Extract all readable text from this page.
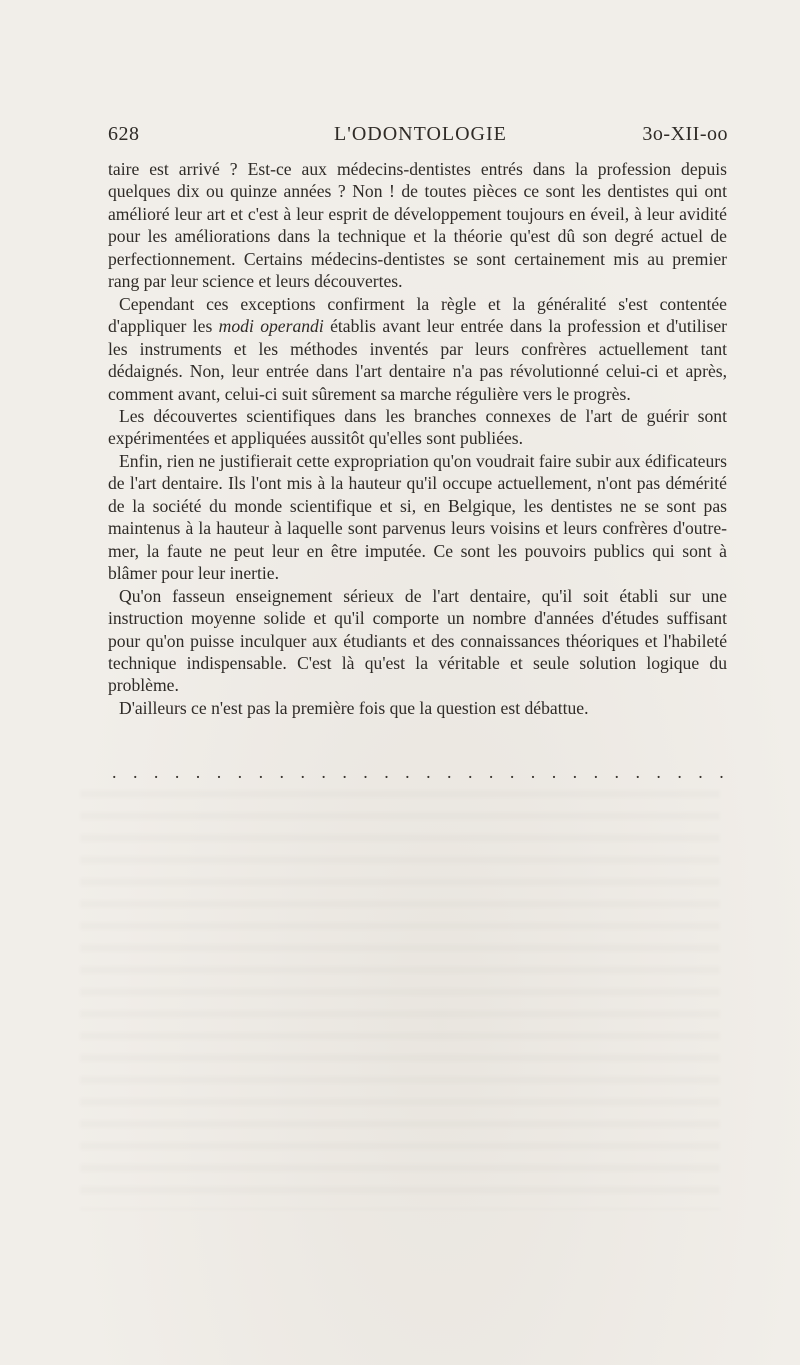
628	L'ODONTOLOGIE	3o-XII-oo

taire est arrivé ? Est-ce aux médecins-dentistes entrés dans la profession depuis quelques dix ou quinze années ? Non ! de toutes pièces ce sont les dentistes qui ont amélioré leur art et c'est à leur esprit de développement toujours en éveil, à leur avidité pour les améliorations dans la technique et la théorie qu'est dû son degré actuel de perfectionnement. Certains médecins-dentistes se sont certainement mis au premier rang par leur science et leurs découvertes.

Cependant ces exceptions confirment la règle et la généralité s'est contentée d'appliquer les modi operandi établis avant leur entrée dans la profession et d'utiliser les instruments et les méthodes inventés par leurs confrères actuellement tant dédaignés. Non, leur entrée dans l'art dentaire n'a pas révolutionné celui-ci et après, comment avant, celui-ci suit sûrement sa marche régulière vers le progrès.

Les découvertes scientifiques dans les branches connexes de l'art de guérir sont expérimentées et appliquées aussitôt qu'elles sont publiées.

Enfin, rien ne justifierait cette expropriation qu'on voudrait faire subir aux édificateurs de l'art dentaire. Ils l'ont mis à la hauteur qu'il occupe actuellement, n'ont pas démérité de la société du monde scientifique et si, en Belgique, les dentistes ne se sont pas maintenus à la hauteur à laquelle sont parvenus leurs voisins et leurs confrères d'outre-mer, la faute ne peut leur en être imputée. Ce sont les pouvoirs publics qui sont à blâmer pour leur inertie.

Qu'on fasseun enseignement sérieux de l'art dentaire, qu'il soit établi sur une instruction moyenne solide et qu'il comporte un nombre d'années d'études suffisant pour qu'on puisse inculquer aux étudiants et des connaissances théoriques et l'habileté technique indispensable. C'est là qu'est la véritable et seule solution logique du problème.

D'ailleurs ce n'est pas la première fois que la question est débattue.

. . . . . . . . . . . . . . . . . . . . . . . . . . . . . .
